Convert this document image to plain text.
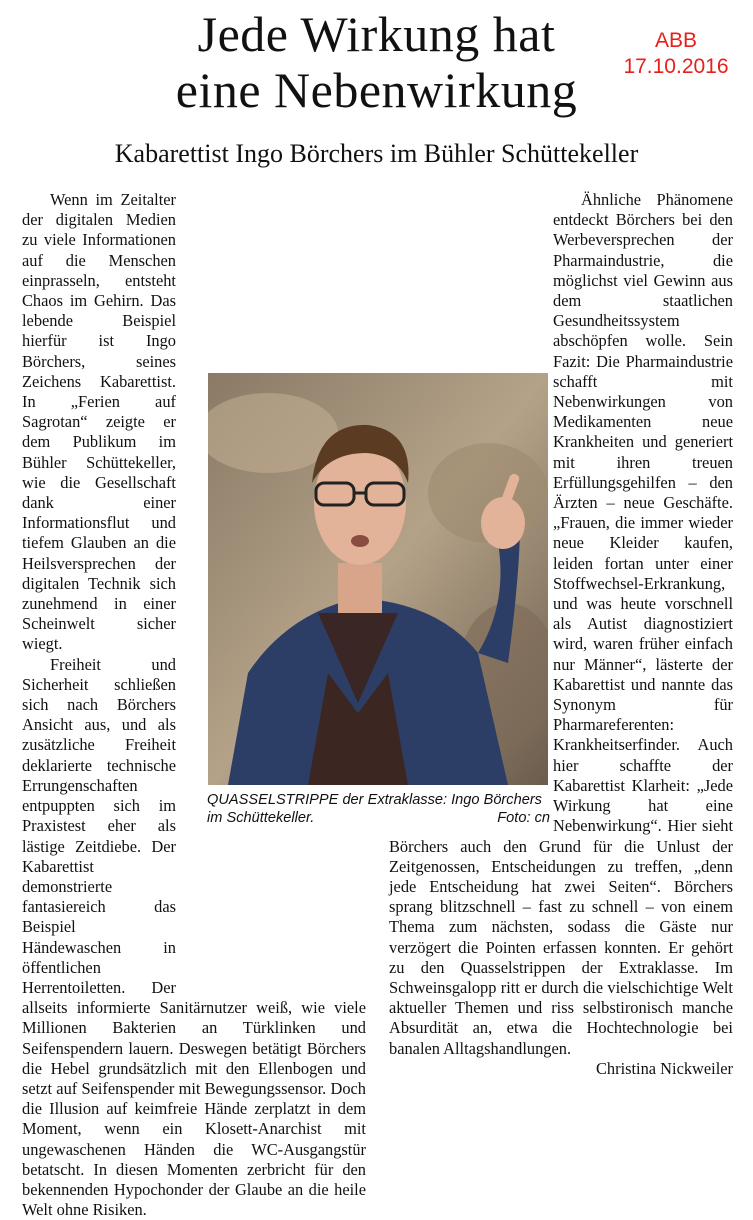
ABB
17.10.2016
Jede Wirkung hat
eine Nebenwirkung
Kabarettist Ingo Börchers im Bühler Schüttekeller

Wenn im Zeitalter der digitalen Medien zu viele Informationen auf die Menschen einprasseln, entsteht Chaos im Gehirn. Das lebende Beispiel hierfür ist Ingo Börchers, seines Zeichens Kabarettist. In „Ferien auf Sagrotan“ zeigte er dem Publikum im Bühler Schüttekeller, wie die Gesellschaft dank einer Informationsflut und tiefem Glauben an die Heilsversprechen der digitalen Technik sich zunehmend in einer Scheinwelt sicher wiegt.

Freiheit und Sicherheit schließen sich nach Börchers Ansicht aus, und als zusätzliche Freiheit deklarierte technische Errungenschaften entpuppten sich im Praxistest eher als lästige Zeitdiebe. Der Kabarettist demonstrierte fantasiereich das Beispiel Händewaschen in öffentlichen Herrentoiletten. Der allseits informierte Sanitärnutzer weiß, wie viele Millionen Bakterien an Türklinken und Seifenspendern lauern. Deswegen betätigt Börchers die Hebel grundsätzlich mit den Ellenbogen und setzt auf Seifenspender mit Bewegungssensor. Doch die Illusion auf keimfreie Hände zerplatzt in dem Moment, wenn ein Klosett-Anarchist mit ungewaschenen Händen die WC-Ausgangstür betatscht. In diesen Momenten zerbricht für den bekennenden Hypochonder der Glaube an die heile Welt ohne Risiken.

Ähnliche Phänomene entdeckt Börchers bei den Werbeversprechen der Pharmaindustrie, die möglichst viel Gewinn aus dem staatlichen Gesundheitssystem abschöpfen wolle. Sein Fazit: Die Pharmaindustrie schafft mit Nebenwirkungen von Medikamenten neue Krankheiten und generiert mit ihren treuen Erfüllungsgehilfen – den Ärzten – neue Geschäfte. „Frauen, die immer wieder neue Kleider kaufen, leiden fortan unter einer Stoffwechsel-Erkrankung, und was heute vorschnell als Autist diagnostiziert wird, waren früher einfach nur Männer“, lästerte der Kabarettist und nannte das Synonym für Pharmareferenten: Krankheitserfinder. Auch hier schaffte der Kabarettist Klarheit: „Jede Wirkung hat eine Nebenwirkung“. Hier sieht Börchers auch den Grund für die Unlust der Zeitgenossen, Entscheidungen zu treffen, „denn jede Entscheidung hat zwei Seiten“. Börchers sprang blitzschnell – fast zu schnell – von einem Thema zum nächsten, sodass die Gäste nur verzögert die Pointen erfassen konnten. Er gehört zu den Quasselstrippen der Extraklasse. Im Schweinsgalopp ritt er durch die vielschichtige Welt aktueller Themen und riss selbstironisch manche Absurdität an, etwa die Hochtechnologie bei banalen Alltagshandlungen.
Christina Nickweiler

QUASSELSTRIPPE der Extraklasse: Ingo Börchers im Schüttekeller.	Foto: cn
